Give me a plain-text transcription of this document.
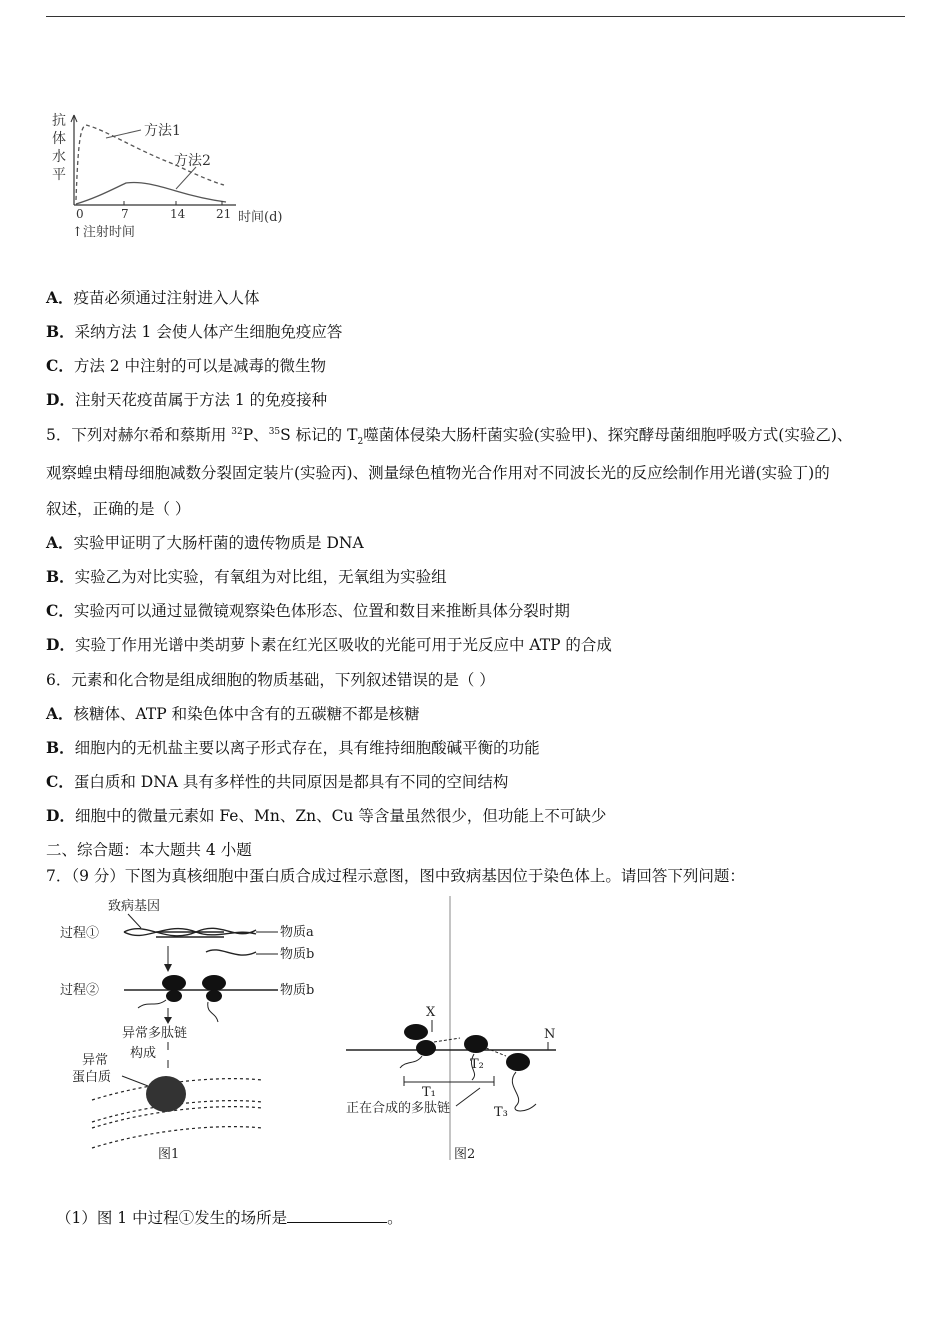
抗
体
水
平
方法1
方法2
0	7	14	21 时间(d)
↑注射时间
A．疫苗必须通过注射进入人体
B．采纳方法 1 会使人体产生细胞免疫应答
C．方法 2 中注射的可以是减毒的微生物
D．注射天花疫苗属于方法 1 的免疫接种
5．下列对赫尔希和蔡斯用 $^{32}$P、$^{35}$S 标记的 $T_2$噬菌体侵染大肠杆菌实验(实验甲)、探究酵母菌细胞呼吸方式(实验乙)、
观察蝗虫精母细胞减数分裂固定装片(实验丙)、测量绿色植物光合作用对不同波长光的反应绘制作用光谱(实验丁)的
叙述，正确的是（ ）
A．实验甲证明了大肠杆菌的遗传物质是 DNA
B．实验乙为对比实验，有氧组为对比组，无氧组为实验组
C．实验丙可以通过显微镜观察染色体形态、位置和数目来推断具体分裂时期
D．实验丁作用光谱中类胡萝卜素在红光区吸收的光能可用于光反应中 ATP 的合成
6．元素和化合物是组成细胞的物质基础，下列叙述错误的是（ ）
A．核糖体、ATP 和染色体中含有的五碳糖不都是核糖
B．细胞内的无机盐主要以离子形式存在，具有维持细胞酸碱平衡的功能
C．蛋白质和 DNA 具有多样性的共同原因是都具有不同的空间结构
D．细胞中的微量元素如 Fe、Mn、Zn、Cu 等含量虽然很少，但功能上不可缺少
二、综合题：本大题共 4 小题
7．（9 分）下图为真核细胞中蛋白质合成过程示意图，图中致病基因位于染色体上。请回答下列问题：
致病基因
过程①	物质a
物质b
过程②	物质b
异常多肽链
构成
异常
蛋白质
图1
X
N
T₂
T₁
正在合成的多肽链	T₃
图2
（1）图 1 中过程①发生的场所是	。
